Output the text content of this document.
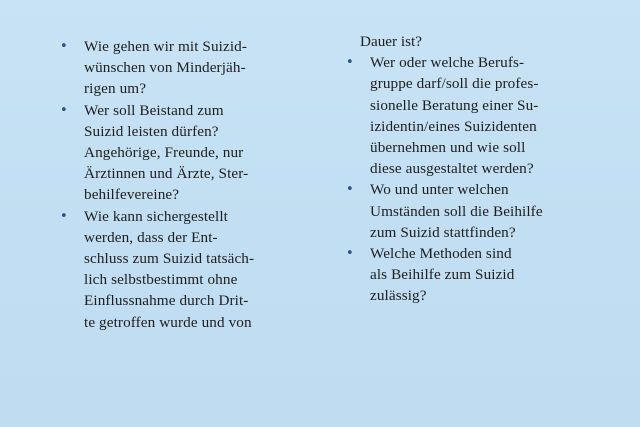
• Wie gehen wir mit Suizid-
wünschen von Minderjäh-
rigen um?
• Wer soll Beistand zum
Suizid leisten dürfen?
Angehörige, Freunde, nur
Ärztinnen und Ärzte, Ster-
behilfevereine?
• Wie kann sichergestellt
werden, dass der Ent-
schluss zum Suizid tatsäch-
lich selbstbestimmt ohne
Einflussnahme durch Drit-
te getroffen wurde und von
Dauer ist?
• Wer oder welche Berufs-
gruppe darf/soll die profes-
sionelle Beratung einer Su-
izidentin/eines Suizidenten
übernehmen und wie soll
diese ausgestaltet werden?
• Wo und unter welchen
Umständen soll die Beihilfe
zum Suizid stattfinden?
• Welche Methoden sind
als Beihilfe zum Suizid
zulässig?
